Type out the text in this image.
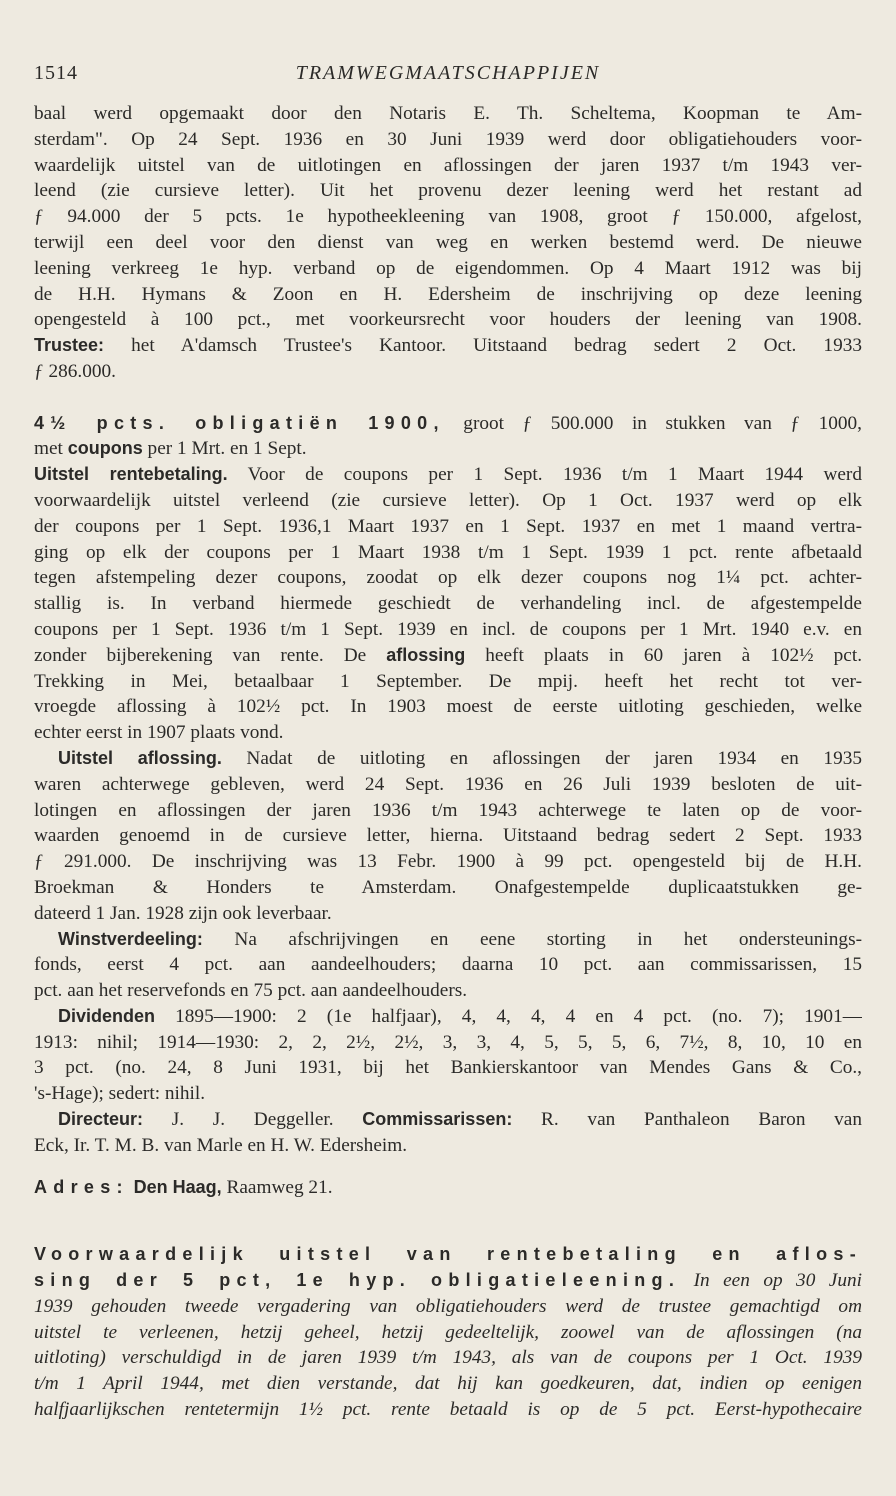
1514	TRAMWEGMAATSCHAPPIJEN
baal werd opgemaakt door den Notaris E. Th. Scheltema, Koopman te Am-
sterdam". Op 24 Sept. 1936 en 30 Juni 1939 werd door obligatiehouders voor-
waardelijk uitstel van de uitlotingen en aflossingen der jaren 1937 t/m 1943 ver-
leend (zie cursieve letter). Uit het provenu dezer leening werd het restant ad
ƒ 94.000 der 5 pcts. 1e hypotheekleening van 1908, groot ƒ 150.000, afgelost,
terwijl een deel voor den dienst van weg en werken bestemd werd. De nieuwe
leening verkreeg 1e hyp. verband op de eigendommen. Op 4 Maart 1912 was bij
de H.H. Hymans & Zoon en H. Edersheim de inschrijving op deze leening
opengesteld à 100 pct., met voorkeursrecht voor houders der leening van 1908.
Trustee: het A'damsch Trustee's Kantoor. Uitstaand bedrag sedert 2 Oct. 1933
ƒ 286.000.
4½ pcts. obligatiën 1900, groot ƒ 500.000 in stukken van ƒ 1000,
met coupons per 1 Mrt. en 1 Sept.
Uitstel rentebetaling. Voor de coupons per 1 Sept. 1936 t/m 1 Maart 1944 werd
voorwaardelijk uitstel verleend (zie cursieve letter). Op 1 Oct. 1937 werd op elk
der coupons per 1 Sept. 1936,1 Maart 1937 en 1 Sept. 1937 en met 1 maand vertra-
ging op elk der coupons per 1 Maart 1938 t/m 1 Sept. 1939 1 pct. rente afbetaald
tegen afstempeling dezer coupons, zoodat op elk dezer coupons nog 1¼ pct. achter-
stallig is. In verband hiermede geschiedt de verhandeling incl. de afgestempelde
coupons per 1 Sept. 1936 t/m 1 Sept. 1939 en incl. de coupons per 1 Mrt. 1940 e.v. en
zonder bijberekening van rente. De aflossing heeft plaats in 60 jaren à 102½ pct.
Trekking in Mei, betaalbaar 1 September. De mpij. heeft het recht tot ver-
vroegde aflossing à 102½ pct. In 1903 moest de eerste uitloting geschieden, welke
echter eerst in 1907 plaats vond.
Uitstel aflossing. Nadat de uitloting en aflossingen der jaren 1934 en 1935
waren achterwege gebleven, werd 24 Sept. 1936 en 26 Juli 1939 besloten de uit-
lotingen en aflossingen der jaren 1936 t/m 1943 achterwege te laten op de voor-
waarden genoemd in de cursieve letter, hierna. Uitstaand bedrag sedert 2 Sept. 1933
ƒ 291.000. De inschrijving was 13 Febr. 1900 à 99 pct. opengesteld bij de H.H.
Broekman & Honders te Amsterdam. Onafgestempelde duplicaatstukken ge-
dateerd 1 Jan. 1928 zijn ook leverbaar.
Winstverdeeling: Na afschrijvingen en eene storting in het ondersteunings-
fonds, eerst 4 pct. aan aandeelhouders; daarna 10 pct. aan commissarissen, 15
pct. aan het reservefonds en 75 pct. aan aandeelhouders.
Dividenden 1895—1900: 2 (1e halfjaar), 4, 4, 4, 4 en 4 pct. (no. 7); 1901—
1913: nihil; 1914—1930: 2, 2, 2½, 2½, 3, 3, 4, 5, 5, 5, 6, 7½, 8, 10, 10 en
3 pct. (no. 24, 8 Juni 1931, bij het Bankierskantoor van Mendes Gans & Co.,
's-Hage); sedert: nihil.
Directeur: J. J. Deggeller. Commissarissen: R. van Panthaleon Baron van
Eck, Ir. T. M. B. van Marle en H. W. Edersheim.
Adres: Den Haag, Raamweg 21.
Voorwaardelijk uitstel van rentebetaling en aflos-
sing der 5 pct, 1e hyp. obligatieleening. In een op 30 Juni
1939 gehouden tweede vergadering van obligatiehouders werd de trustee gemachtigd om
uitstel te verleenen, hetzij geheel, hetzij gedeeltelijk, zoowel van de aflossingen (na
uitloting) verschuldigd in de jaren 1939 t/m 1943, als van de coupons per 1 Oct. 1939
t/m 1 April 1944, met dien verstande, dat hij kan goedkeuren, dat, indien op eenigen
halfjaarlijkschen rentetermijn 1½ pct. rente betaald is op de 5 pct. Eerst-hypothecaire
